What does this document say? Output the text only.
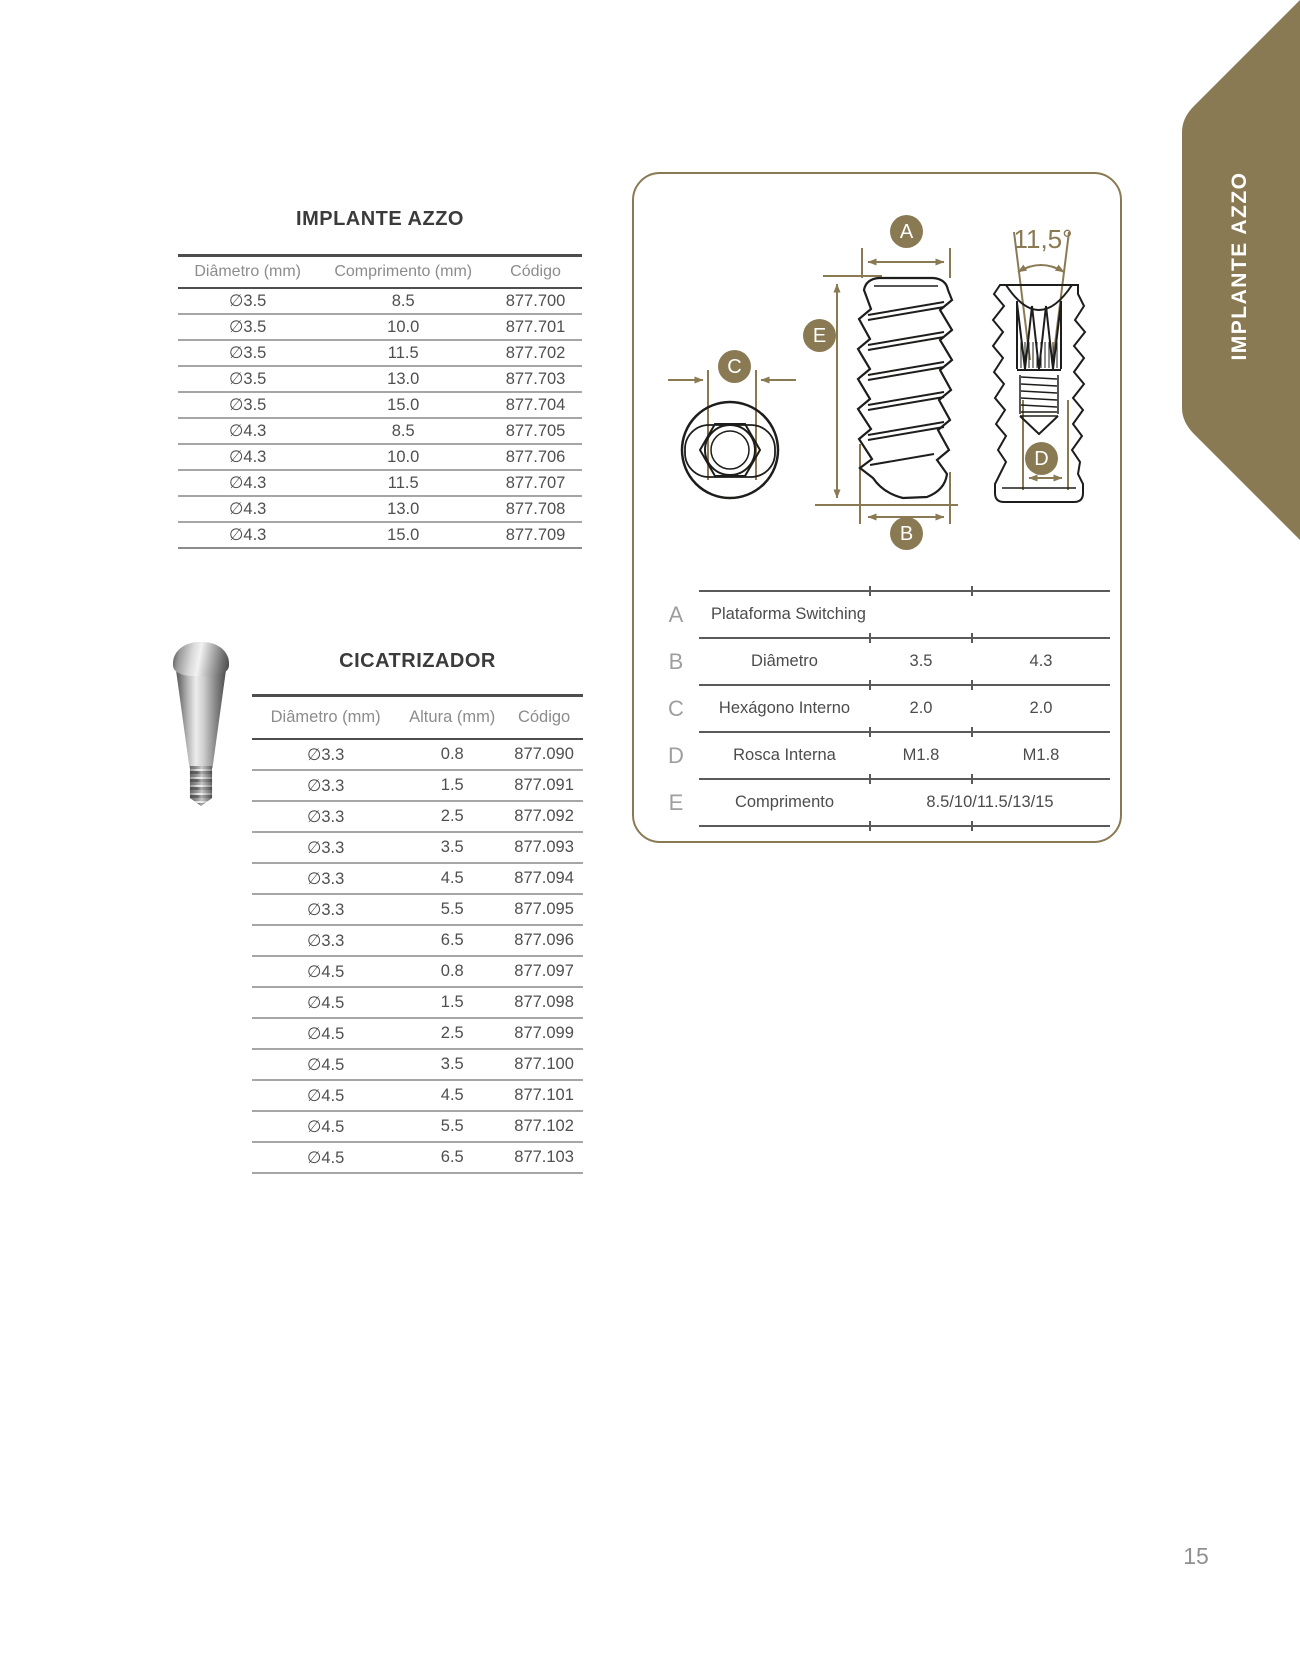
IMPLANTE AZZO
Diâmetro (mm)	Comprimento (mm)	Código
∅3.5	8.5	877.700
∅3.5	10.0	877.701
∅3.5	11.5	877.702
∅3.5	13.0	877.703
∅3.5	15.0	877.704
∅4.3	8.5	877.705
∅4.3	10.0	877.706
∅4.3	11.5	877.707
∅4.3	13.0	877.708
∅4.3	15.0	877.709
CICATRIZADOR
Diâmetro (mm)	Altura (mm)	Código
∅3.3	0.8	877.090
∅3.3	1.5	877.091
∅3.3	2.5	877.092
∅3.3	3.5	877.093
∅3.3	4.5	877.094
∅3.3	5.5	877.095
∅3.3	6.5	877.096
∅4.5	0.8	877.097
∅4.5	1.5	877.098
∅4.5	2.5	877.099
∅4.5	3.5	877.100
∅4.5	4.5	877.101
∅4.5	5.5	877.102
∅4.5	6.5	877.103
A
B
C
D
E
11,5°
A	Plataforma Switching
B	Diâmetro	3.5	4.3
C	Hexágono Interno	2.0	2.0
D	Rosca Interna	M1.8	M1.8
E	Comprimento	8.5/10/11.5/13/15
IMPLANTE AZZO
15
